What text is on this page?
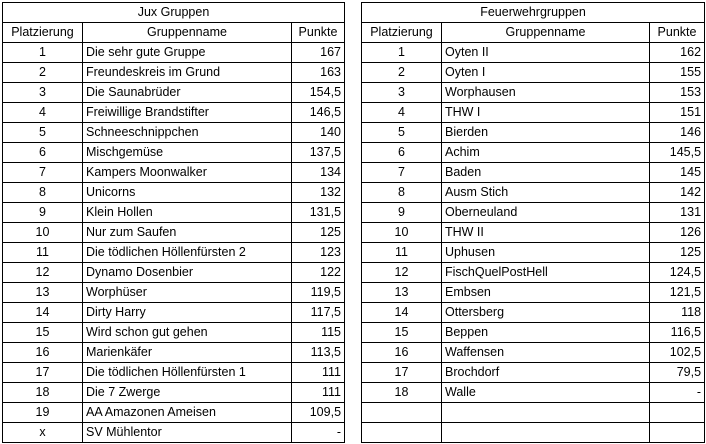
Jux Gruppen		
Platzierung	Gruppenname	Punkte
1	Die sehr gute Gruppe	167
2	Freundeskreis im Grund	163
3	Die Saunabrüder	154,5
4	Freiwillige Brandstifter	146,5
5	Schneeschnippchen	140
6	Mischgemüse	137,5
7	Kampers Moonwalker	134
8	Unicorns	132
9	Klein Hollen	131,5
10	Nur zum Saufen	125
11	Die tödlichen Höllenfürsten 2	123
12	Dynamo Dosenbier	122
13	Worphüser	119,5
14	Dirty Harry	117,5
15	Wird schon gut gehen	115
16	Marienkäfer	113,5
17	Die tödlichen Höllenfürsten 1	111
18	Die 7 Zwerge	111
19	AA Amazonen Ameisen	109,5
x	SV Mühlentor	-
Feuerwehrgruppen		
Platzierung	Gruppenname	Punkte
1	Oyten II	162
2	Oyten I	155
3	Worphausen	153
4	THW I	151
5	Bierden	146
6	Achim	145,5
7	Baden	145
8	Ausm Stich	142
9	Oberneuland	131
10	THW II	126
11	Uphusen	125
12	FischQuelPostHell	124,5
13	Embsen	121,5
14	Ottersberg	118
15	Beppen	116,5
16	Waffensen	102,5
17	Brochdorf	79,5
18	Walle	-
